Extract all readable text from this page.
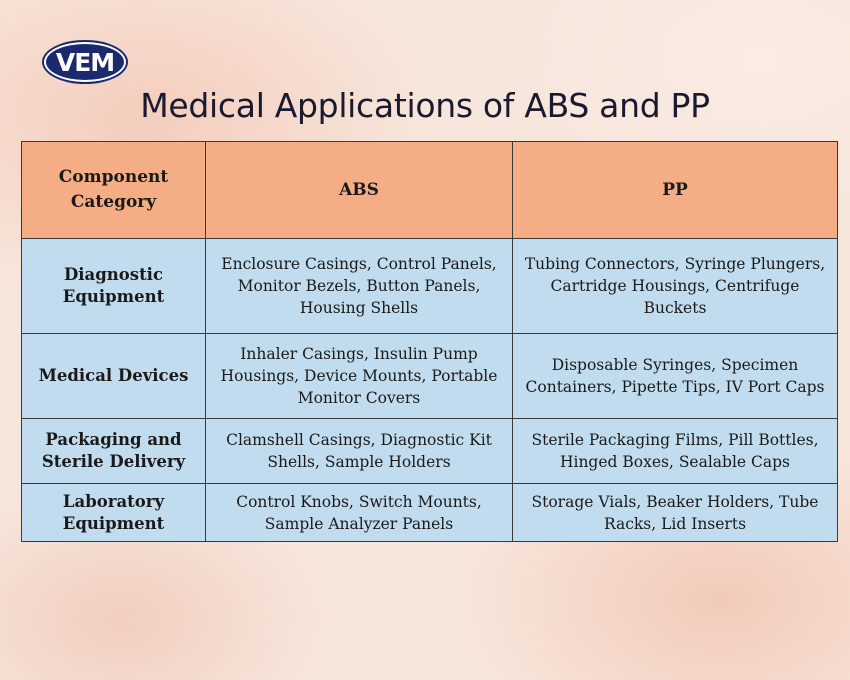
VEM
Medical Applications of ABS and PP
Component Category	ABS	PP
Diagnostic Equipment	Enclosure Casings, Control Panels, Monitor Bezels, Button Panels, Housing Shells	Tubing Connectors, Syringe Plungers, Cartridge Housings, Centrifuge Buckets
Medical Devices	Inhaler Casings, Insulin Pump Housings, Device Mounts, Portable Monitor Covers	Disposable Syringes, Specimen Containers, Pipette Tips, IV Port Caps
Packaging and Sterile Delivery	Clamshell Casings, Diagnostic Kit Shells, Sample Holders	Sterile Packaging Films, Pill Bottles, Hinged Boxes, Sealable Caps
Laboratory Equipment	Control Knobs, Switch Mounts, Sample Analyzer Panels	Storage Vials, Beaker Holders, Tube Racks, Lid Inserts
